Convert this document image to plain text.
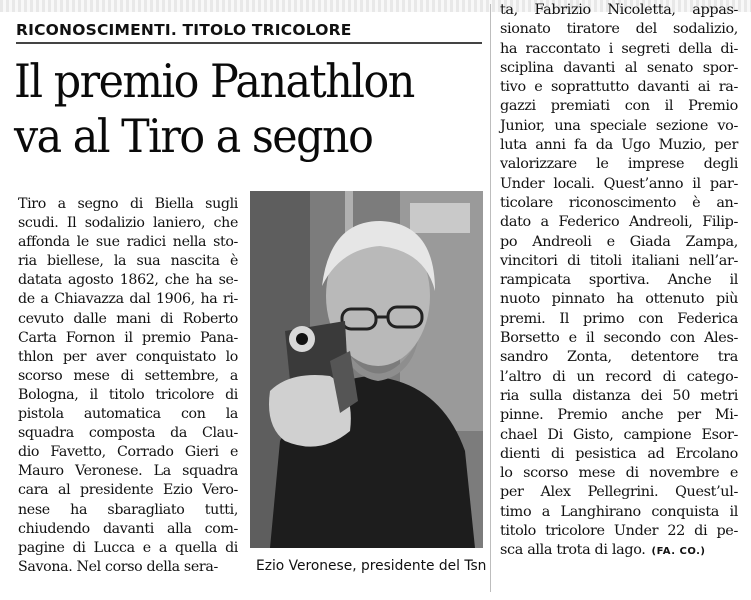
RICONOSCIMENTI. TITOLO TRICOLORE
Il premio Panathlon
va al Tiro a segno
Tiro a segno di Biella sugli
scudi. Il sodalizio laniero, che
affonda le sue radici nella sto-
ria biellese, la sua nascita è
datata agosto 1862, che ha se-
de a Chiavazza dal 1906, ha ri-
cevuto dalle mani di Roberto
Carta Fornon il premio Pana-
thlon per aver conquistato lo
scorso mese di settembre, a
Bologna, il titolo tricolore di
pistola automatica con la
squadra composta da Clau-
dio Favetto, Corrado Gieri e
Mauro Veronese. La squadra
cara al presidente Ezio Vero-
nese ha sbaragliato tutti,
chiudendo davanti alla com-
pagine di Lucca e a quella di
Savona. Nel corso della sera-	Ezio Veronese, presidente del Tsn
ta, Fabrizio Nicoletta, appas-
sionato tiratore del sodalizio,
ha raccontato i segreti della di-
sciplina davanti al senato spor-
tivo e soprattutto davanti ai ra-
gazzi premiati con il Premio
Junior, una speciale sezione vo-
luta anni fa da Ugo Muzio, per
valorizzare le imprese degli
Under locali. Quest’anno il par-
ticolare riconoscimento è an-
dato a Federico Andreoli, Filip-
po Andreoli e Giada Zampa,
vincitori di titoli italiani nell’ar-
rampicata sportiva. Anche il
nuoto pinnato ha ottenuto più
premi. Il primo con Federica
Borsetto e il secondo con Ales-
sandro Zonta, detentore tra
l’altro di un record di catego-
ria sulla distanza dei 50 metri
pinne. Premio anche per Mi-
chael Di Gisto, campione Esor-
dienti di pesistica ad Ercolano
lo scorso mese di novembre e
per Alex Pellegrini. Quest’ul-
timo a Langhirano conquista il
titolo tricolore Under 22 di pe-
sca alla trota di lago. (FA. CO.)
